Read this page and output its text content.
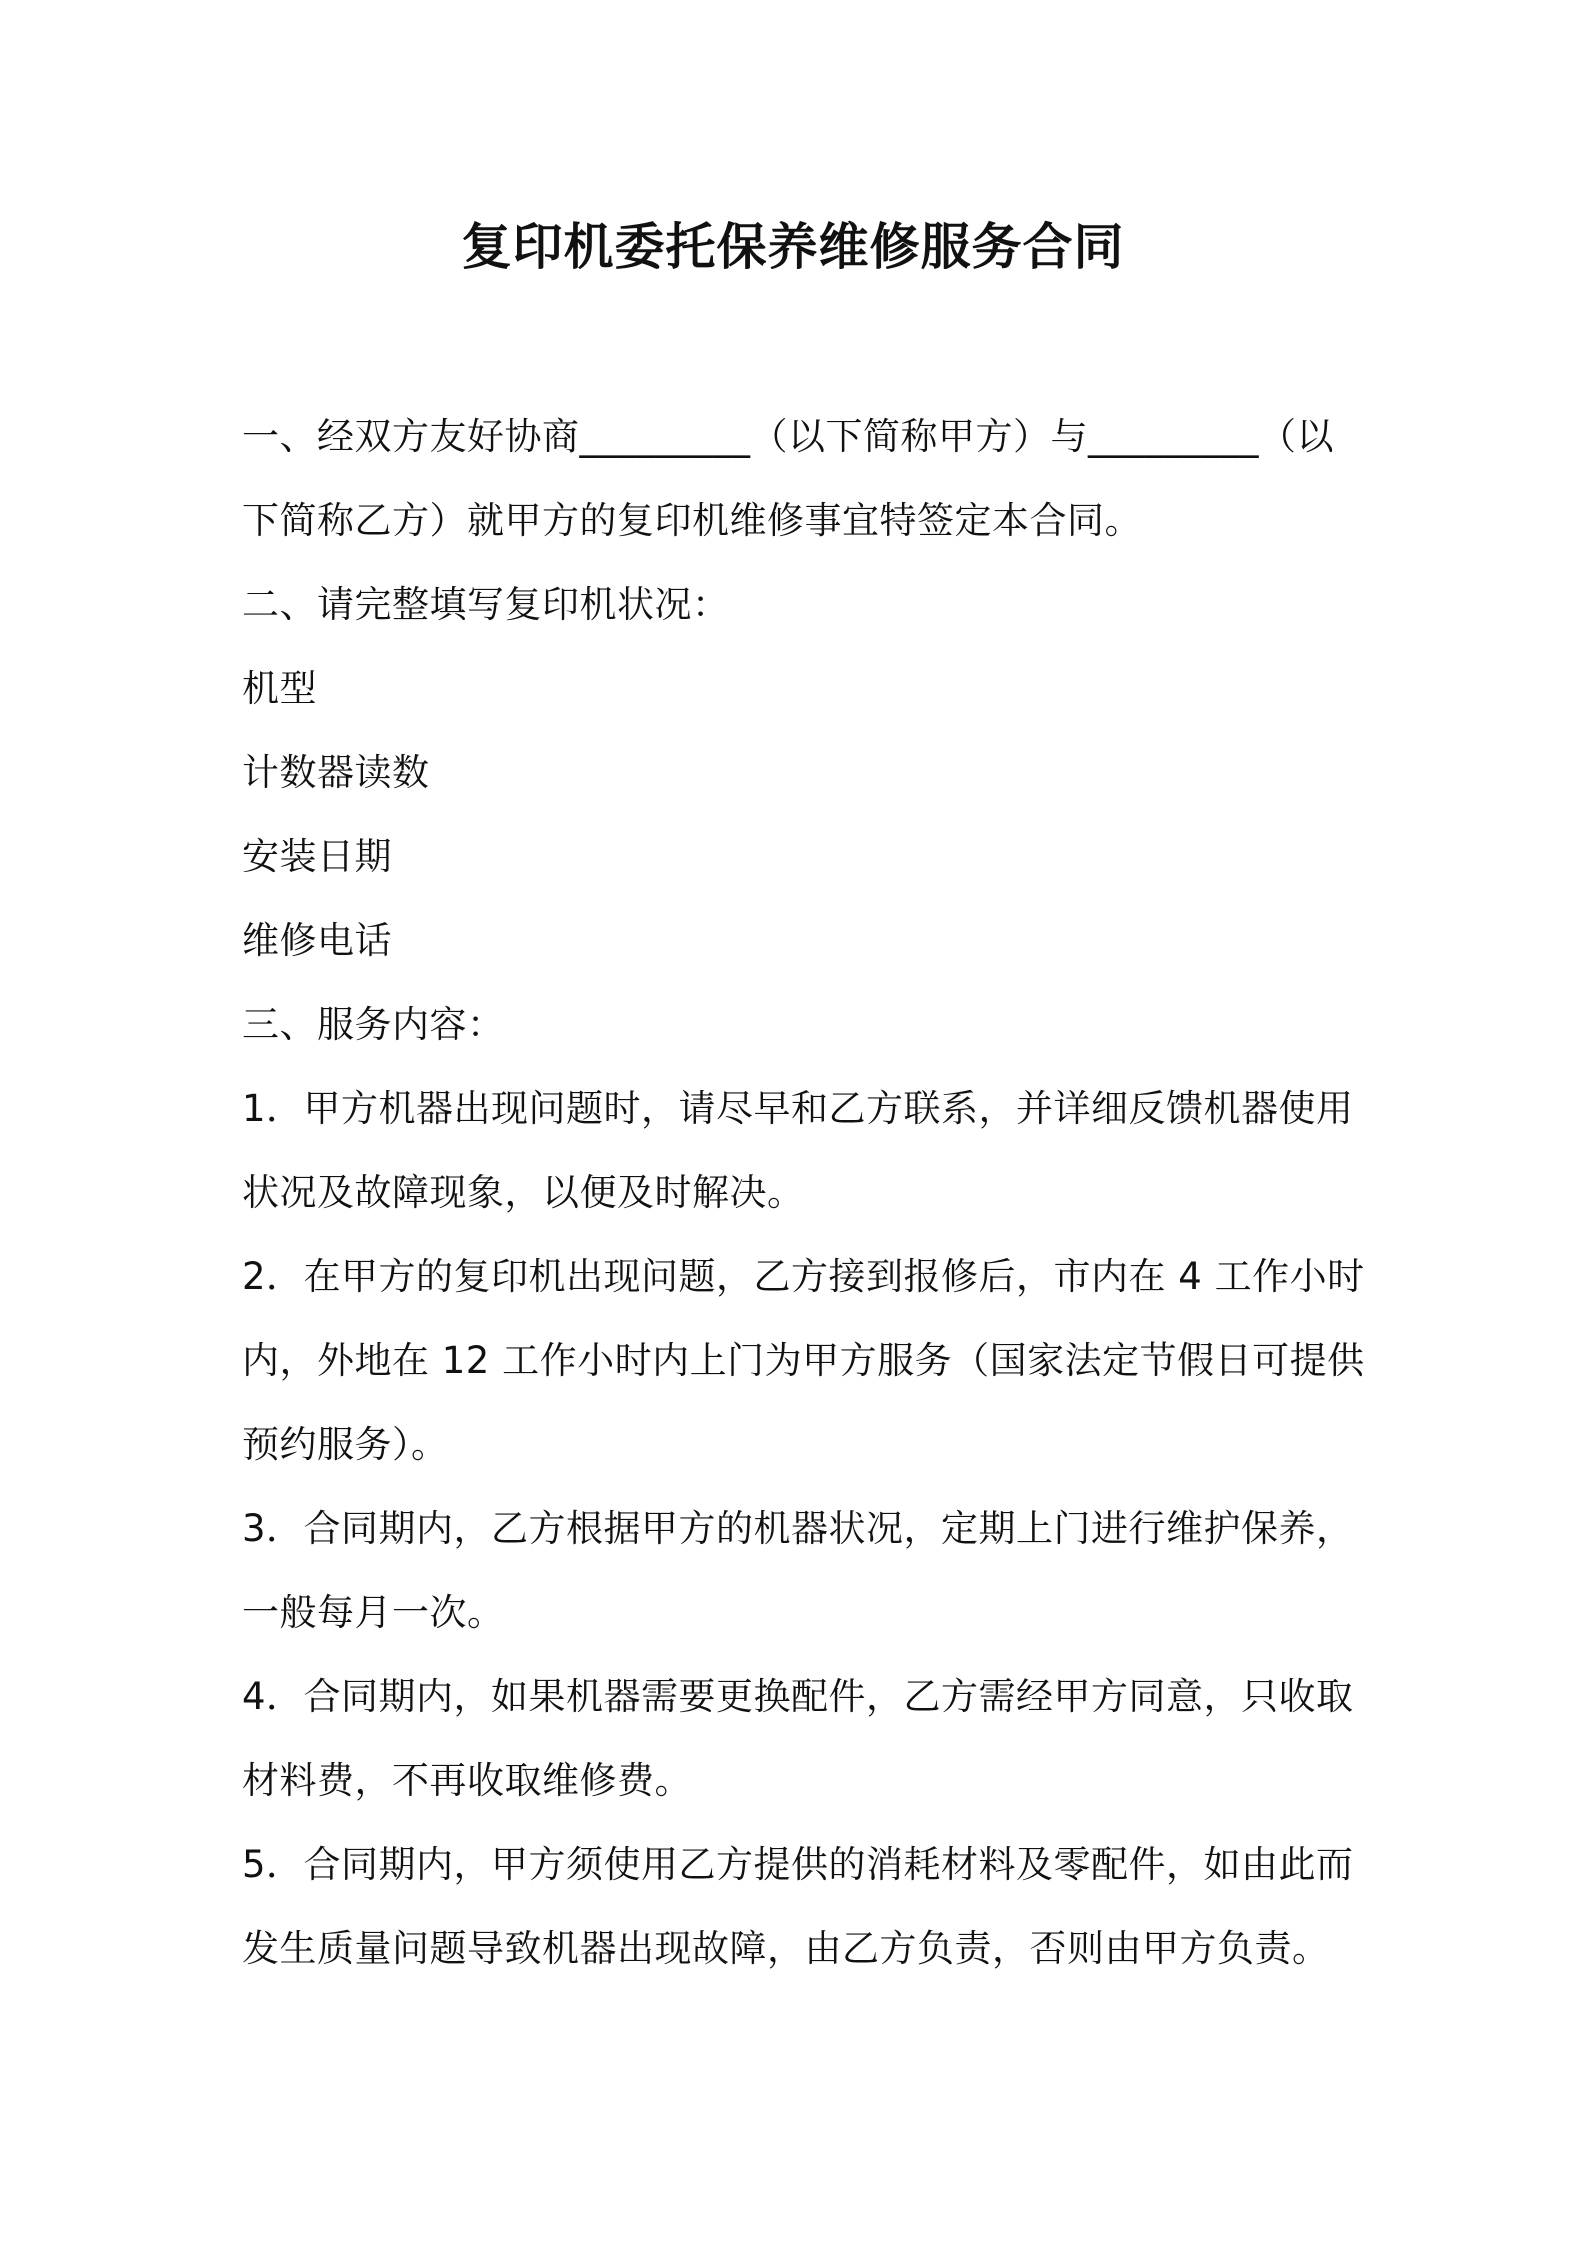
复印机委托保养维修服务合同

一、经双方友好协商_________（以下简称甲方）与_________（以

下简称乙方）就甲方的复印机维修事宜特签定本合同。

二、请完整填写复印机状况：

机型

计数器读数

安装日期

维修电话

三、服务内容：

1．甲方机器出现问题时，请尽早和乙方联系，并详细反馈机器使用

状况及故障现象，以便及时解决。

2．在甲方的复印机出现问题，乙方接到报修后，市内在 4 工作小时

内，外地在 12 工作小时内上门为甲方服务（国家法定节假日可提供

预约服务）。

3．合同期内，乙方根据甲方的机器状况，定期上门进行维护保养，

一般每月一次。

4．合同期内，如果机器需要更换配件，乙方需经甲方同意，只收取

材料费，不再收取维修费。

5．合同期内，甲方须使用乙方提供的消耗材料及零配件，如由此而

发生质量问题导致机器出现故障，由乙方负责，否则由甲方负责。
